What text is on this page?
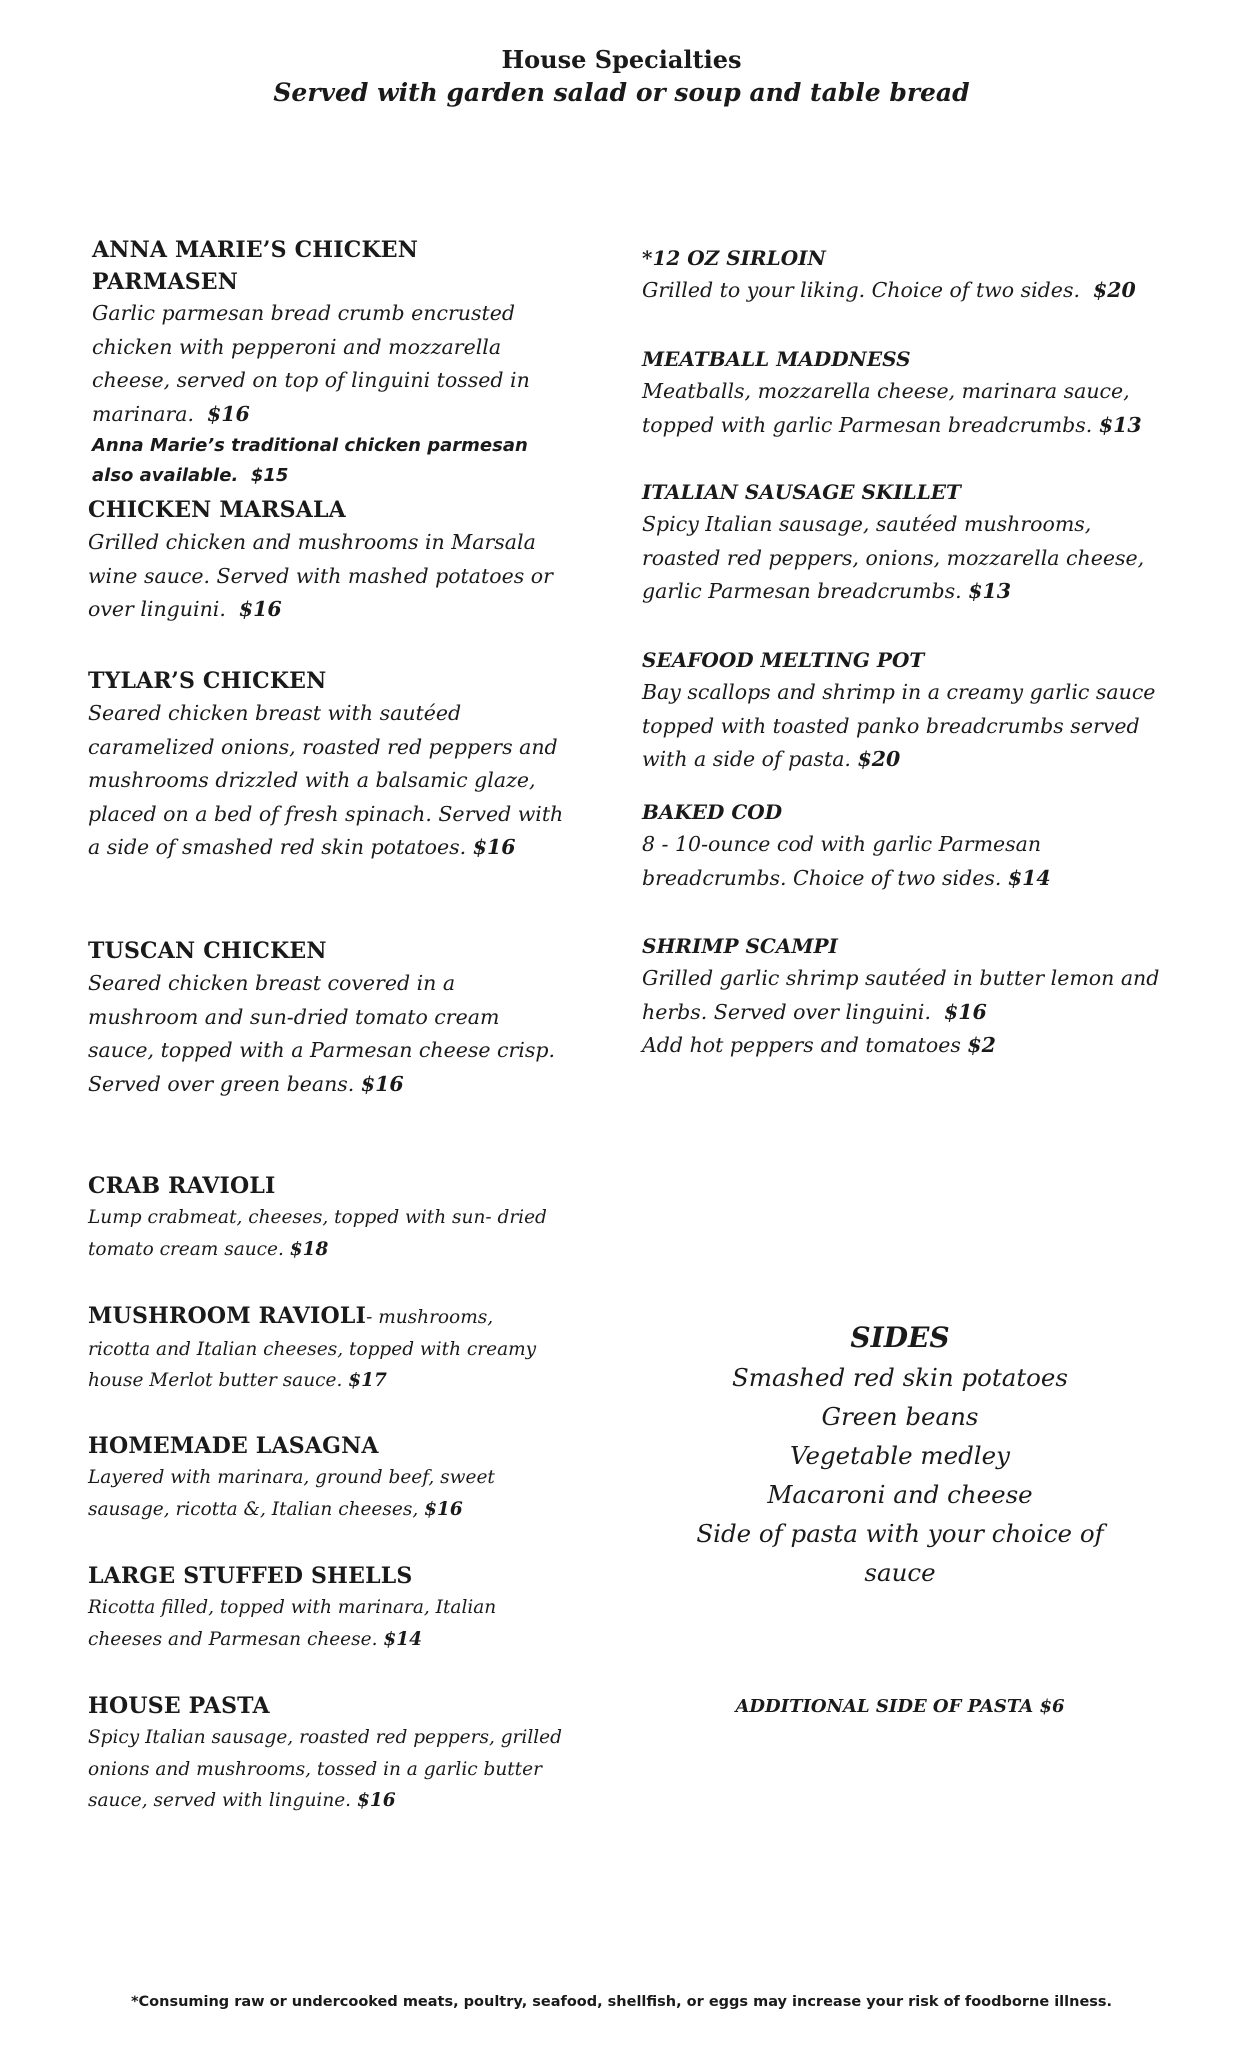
House Specialties
Served with garden salad or soup and table bread
ANNA MARIE’S CHICKEN PARMASEN
Garlic parmesan bread crumb encrusted chicken with pepperoni and mozzarella cheese, served on top of linguini tossed in marinara. $16
Anna Marie’s traditional chicken parmesan also available. $15
CHICKEN MARSALA
Grilled chicken and mushrooms in Marsala wine sauce. Served with mashed potatoes or over linguini. $16
TYLAR’S CHICKEN
Seared chicken breast with sautéed caramelized onions, roasted red peppers and mushrooms drizzled with a balsamic glaze, placed on a bed of fresh spinach. Served with a side of smashed red skin potatoes. $16
TUSCAN CHICKEN
Seared chicken breast covered in a mushroom and sun-dried tomato cream sauce, topped with a Parmesan cheese crisp. Served over green beans. $16
CRAB RAVIOLI
Lump crabmeat, cheeses, topped with sun- dried tomato cream sauce. $18
MUSHROOM RAVIOLI- mushrooms, ricotta and Italian cheeses, topped with creamy house Merlot butter sauce. $17
HOMEMADE LASAGNA
Layered with marinara, ground beef, sweet sausage, ricotta &, Italian cheeses, $16
LARGE STUFFED SHELLS
Ricotta filled, topped with marinara, Italian cheeses and Parmesan cheese. $14
HOUSE PASTA
Spicy Italian sausage, roasted red peppers, grilled onions and mushrooms, tossed in a garlic butter sauce, served with linguine. $16
*12 OZ SIRLOIN
Grilled to your liking. Choice of two sides. $20
MEATBALL MADDNESS
Meatballs, mozzarella cheese, marinara sauce, topped with garlic Parmesan breadcrumbs. $13
ITALIAN SAUSAGE SKILLET
Spicy Italian sausage, sautéed mushrooms, roasted red peppers, onions, mozzarella cheese, garlic Parmesan breadcrumbs. $13
SEAFOOD MELTING POT
Bay scallops and shrimp in a creamy garlic sauce topped with toasted panko breadcrumbs served with a side of pasta. $20
BAKED COD
8 - 10-ounce cod with garlic Parmesan breadcrumbs. Choice of two sides. $14
SHRIMP SCAMPI
Grilled garlic shrimp sautéed in butter lemon and herbs. Served over linguini. $16
Add hot peppers and tomatoes $2
SIDES
Smashed red skin potatoes
Green beans
Vegetable medley
Macaroni and cheese
Side of pasta with your choice of
sauce
ADDITIONAL SIDE OF PASTA $6
*Consuming raw or undercooked meats, poultry, seafood, shellfish, or eggs may increase your risk of foodborne illness.
